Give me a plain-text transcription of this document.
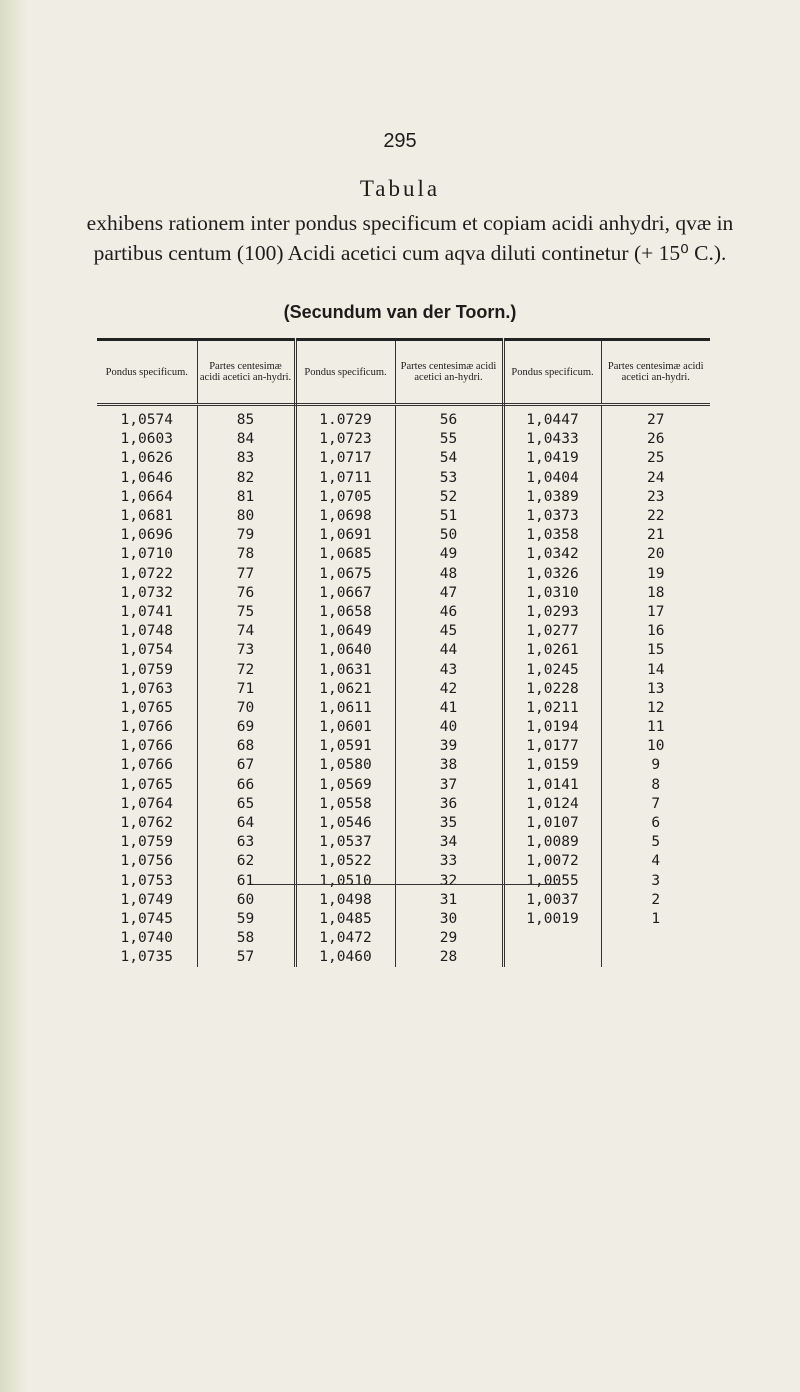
295
Tabula
exhibens rationem inter pondus specificum et copiam acidi anhydri, qvæ in partibus centum (100) Acidi acetici cum aqva diluti continetur (+ 15⁰ C.).
(Secundum van der Toorn.)
Pondus specificum.	Partes centesimæ acidi acetici an-hydri.	Pondus specificum.	Partes centesimæ acidi acetici an-hydri.	Pondus specificum.	Partes centesimæ acidi acetici an-hydri.
1,0574	85	1.0729	56	1,0447	27
1,0603	84	1,0723	55	1,0433	26
1,0626	83	1,0717	54	1,0419	25
1,0646	82	1,0711	53	1,0404	24
1,0664	81	1,0705	52	1,0389	23
1,0681	80	1,0698	51	1,0373	22
1,0696	79	1,0691	50	1,0358	21
1,0710	78	1,0685	49	1,0342	20
1,0722	77	1,0675	48	1,0326	19
1,0732	76	1,0667	47	1,0310	18
1,0741	75	1,0658	46	1,0293	17
1,0748	74	1,0649	45	1,0277	16
1,0754	73	1,0640	44	1,0261	15
1,0759	72	1,0631	43	1,0245	14
1,0763	71	1,0621	42	1,0228	13
1,0765	70	1,0611	41	1,0211	12
1,0766	69	1,0601	40	1,0194	11
1,0766	68	1,0591	39	1,0177	10
1,0766	67	1,0580	38	1,0159	9
1,0765	66	1,0569	37	1,0141	8
1,0764	65	1,0558	36	1,0124	7
1,0762	64	1,0546	35	1,0107	6
1,0759	63	1,0537	34	1,0089	5
1,0756	62	1,0522	33	1,0072	4
1,0753	61	1,0510	32	1,0055	3
1,0749	60	1,0498	31	1,0037	2
1,0745	59	1,0485	30	1,0019	1
1,0740	58	1,0472	29		
1,0735	57	1,0460	28		
